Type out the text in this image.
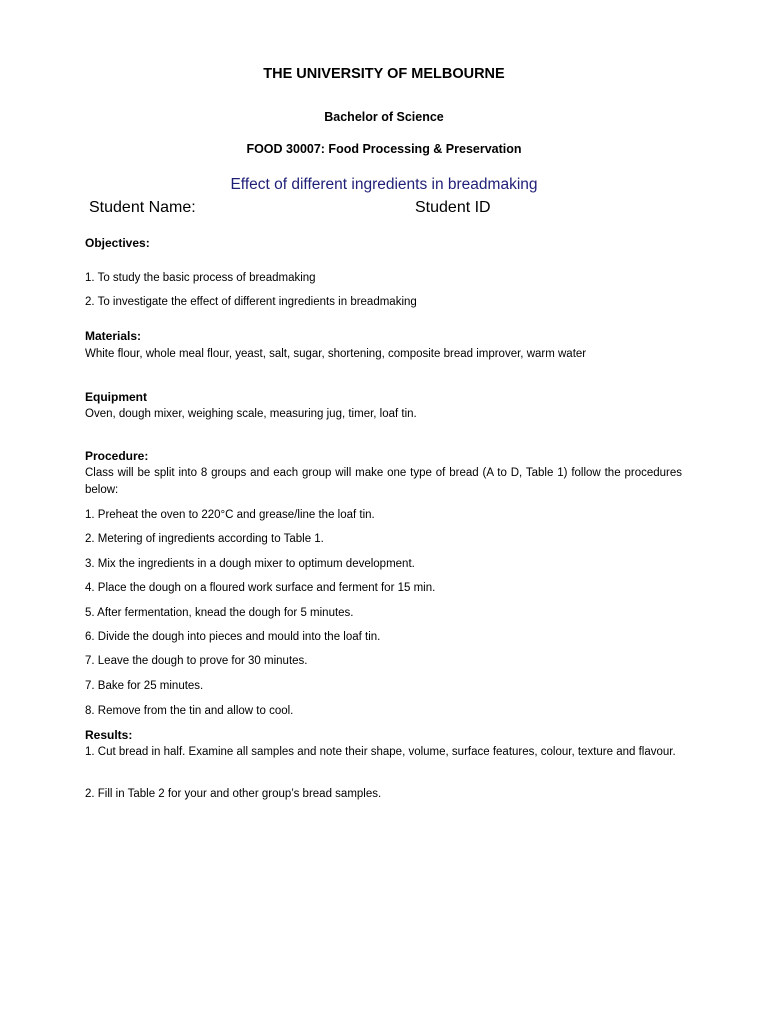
THE UNIVERSITY OF MELBOURNE
Bachelor of Science
FOOD 30007: Food Processing & Preservation
Effect of different ingredients in breadmaking
Student Name:	Student ID
Objectives:
1. To study the basic process of breadmaking
2. To investigate the effect of different ingredients in breadmaking
Materials:
White flour, whole meal flour, yeast, salt, sugar, shortening, composite bread improver, warm water
Equipment
Oven, dough mixer, weighing scale, measuring jug, timer, loaf tin.
Procedure:
Class will be split into 8 groups and each group will make one type of bread (A to D, Table 1) follow the procedures below:
1. Preheat the oven to 220°C and grease/line the loaf tin.
2. Metering of ingredients according to Table 1.
3. Mix the ingredients in a dough mixer to optimum development.
4. Place the dough on a floured work surface and ferment for 15 min.
5. After fermentation, knead the dough for 5 minutes.
6. Divide the dough into pieces and mould into the loaf tin.
7. Leave the dough to prove for 30 minutes.
7. Bake for 25 minutes.
8. Remove from the tin and allow to cool.
Results:
1. Cut bread in half. Examine all samples and note their shape, volume, surface features, colour, texture and flavour.
2. Fill in Table 2 for your and other group’s bread samples.
